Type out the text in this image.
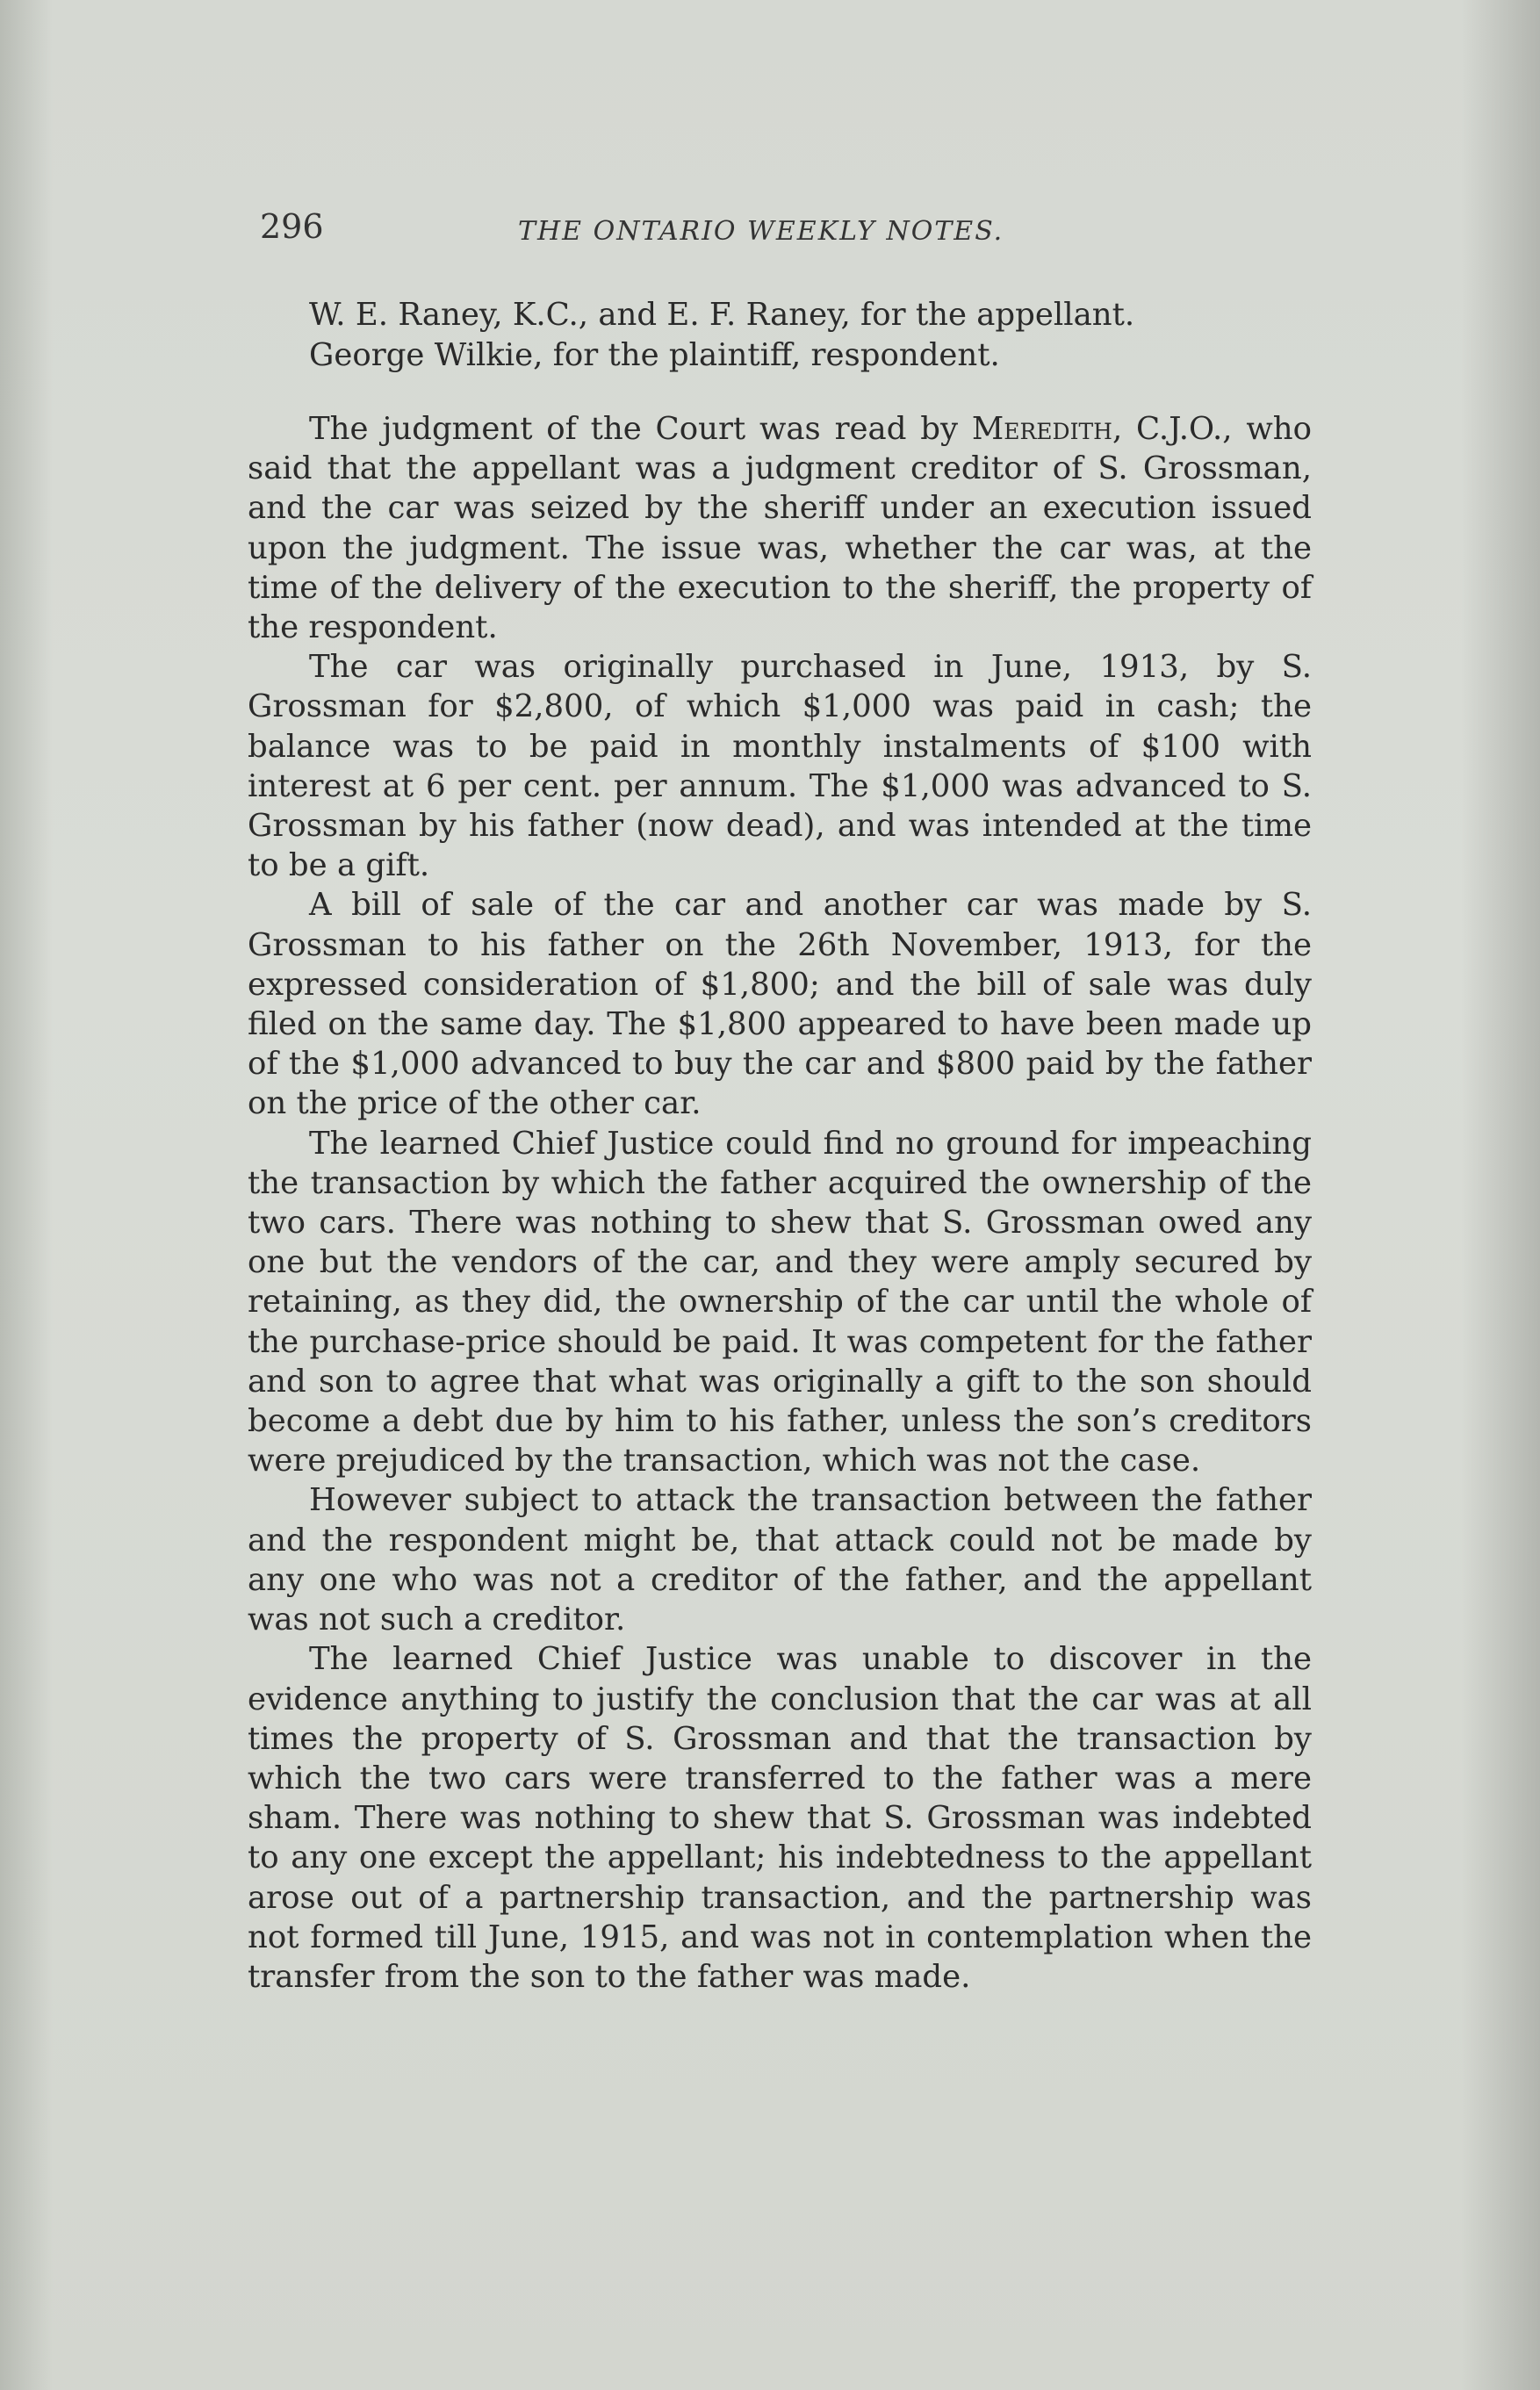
296	THE ONTARIO WEEKLY NOTES.

W. E. Raney, K.C., and E. F. Raney, for the appellant.

George Wilkie, for the plaintiff, respondent.

The judgment of the Court was read by Meredith, C.J.O., who said that the appellant was a judgment creditor of S. Grossman, and the car was seized by the sheriff under an execution issued upon the judgment. The issue was, whether the car was, at the time of the delivery of the execution to the sheriff, the property of the respondent.

The car was originally purchased in June, 1913, by S. Grossman for $2,800, of which $1,000 was paid in cash; the balance was to be paid in monthly instalments of $100 with interest at 6 per cent. per annum. The $1,000 was advanced to S. Grossman by his father (now dead), and was intended at the time to be a gift.

A bill of sale of the car and another car was made by S. Grossman to his father on the 26th November, 1913, for the expressed consideration of $1,800; and the bill of sale was duly filed on the same day. The $1,800 appeared to have been made up of the $1,000 advanced to buy the car and $800 paid by the father on the price of the other car.

The learned Chief Justice could find no ground for impeaching the transaction by which the father acquired the ownership of the two cars. There was nothing to shew that S. Grossman owed any one but the vendors of the car, and they were amply secured by retaining, as they did, the ownership of the car until the whole of the purchase-price should be paid. It was competent for the father and son to agree that what was originally a gift to the son should become a debt due by him to his father, unless the son’s creditors were prejudiced by the transaction, which was not the case.

However subject to attack the transaction between the father and the respondent might be, that attack could not be made by any one who was not a creditor of the father, and the appellant was not such a creditor.

The learned Chief Justice was unable to discover in the evidence anything to justify the conclusion that the car was at all times the property of S. Grossman and that the transaction by which the two cars were transferred to the father was a mere sham. There was nothing to shew that S. Grossman was indebted to any one except the appellant; his indebtedness to the appellant arose out of a partnership transaction, and the partnership was not formed till June, 1915, and was not in contemplation when the transfer from the son to the father was made.
